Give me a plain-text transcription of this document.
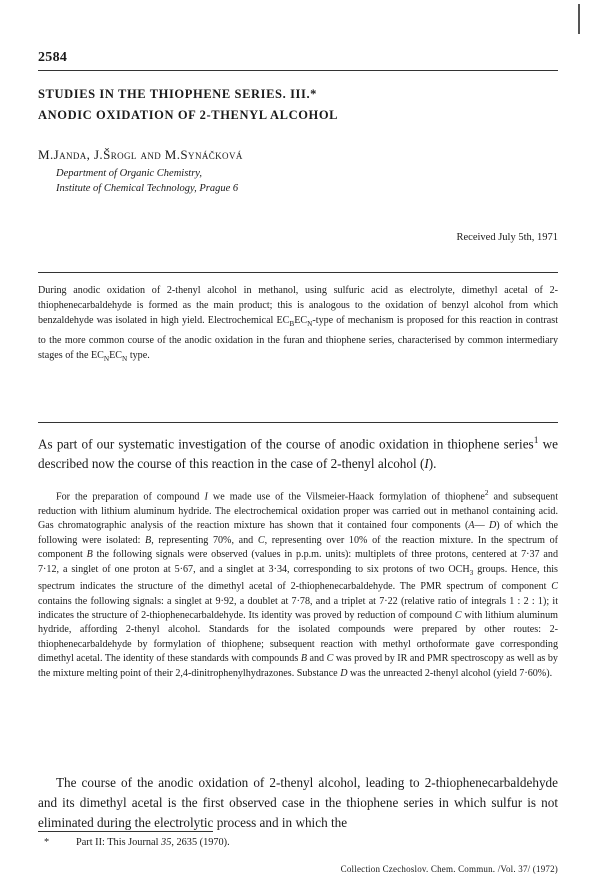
2584
STUDIES IN THE THIOPHENE SERIES. III.*
ANODIC OXIDATION OF 2-THENYL ALCOHOL
M.Janda, J.Šrogl and M.Synáčková
Department of Organic Chemistry,
Institute of Chemical Technology, Prague 6
Received July 5th, 1971
During anodic oxidation of 2-thenyl alcohol in methanol, using sulfuric acid as electrolyte, dimethyl acetal of 2-thiophenecarbaldehyde is formed as the main product; this is analogous to the oxidation of benzyl alcohol from which benzaldehyde was isolated in high yield. Electrochemical $EC_BEC_N$-type of mechanism is proposed for this reaction in contrast to the more common course of the anodic oxidation in the furan and thiophene series, characterised by common intermediary stages of the $EC_NEC_N$ type.
As part of our systematic investigation of the course of anodic oxidation in thiophene series$^1$ we described now the course of this reaction in the case of 2-thenyl alcohol (I).
For the preparation of compound I we made use of the Vilsmeier-Haack formylation of thiophene$^2$ and subsequent reduction with lithium aluminum hydride. The electrochemical oxidation proper was carried out in methanol containing acid. Gas chromatographic analysis of the reaction mixture has shown that it contained four components (A— D) of which the following were isolated: B, representing 70%, and C, representing over 10% of the reaction mixture. In the spectrum of component B the following signals were observed (values in p.p.m. units): multiplets of three protons, centered at 7·37 and 7·12, a singlet of one proton at 5·67, and a singlet at 3·34, corresponding to six protons of two $OCH_3$ groups. Hence, this spectrum indicates the structure of the dimethyl acetal of 2-thiophenecarbaldehyde. The PMR spectrum of component C contains the following signals: a singlet at 9·92, a doublet at 7·78, and a triplet at 7·22 (relative ratio of integrals 1 : 2 : 1); it indicates the structure of 2-thiophenecarbaldehyde. Its identity was proved by reduction of compound C with lithium aluminum hydride, affording 2-thenyl alcohol. Standards for the isolated compounds were prepared by other routes: 2-thiophenecarbaldehyde by formylation of thiophene; subsequent reaction with methyl orthoformate gave corresponding dimethyl acetal. The identity of these standards with compounds B and C was proved by IR and PMR spectroscopy as well as by the mixture melting point of their 2,4-dinitrophenylhydrazones. Substance D was the unreacted 2-thenyl alcohol (yield 7·60%).
The course of the anodic oxidation of 2-thenyl alcohol, leading to 2-thiophenecarbaldehyde and its dimethyl acetal is the first observed case in the thiophene series in which sulfur is not eliminated during the electrolytic process and in which the
*	Part II: This Journal 35, 2635 (1970).
Collection Czechoslov. Chem. Commun. /Vol. 37/ (1972)
